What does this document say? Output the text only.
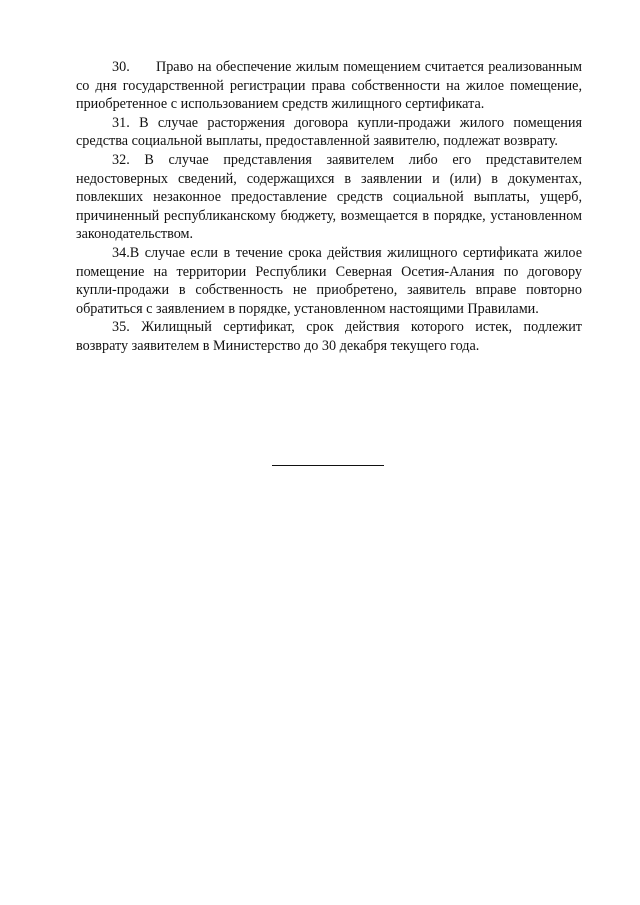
30. Право на обеспечение жилым помещением считается реализованным со дня государственной регистрации права собственности на жилое помещение, приобретенное с использованием средств жилищного сертификата.

31. В случае расторжения договора купли-продажи жилого помещения средства социальной выплаты, предоставленной заявителю, подлежат возврату.

32. В случае представления заявителем либо его представителем недостоверных сведений, содержащихся в заявлении и (или) в документах, повлекших незаконное предоставление средств социальной выплаты, ущерб, причиненный республиканскому бюджету, возмещается в порядке, установленном законодательством.

34.В случае если в течение срока действия жилищного сертификата жилое помещение на территории Республики Северная Осетия-Алания по договору купли-продажи в собственность не приобретено, заявитель вправе повторно обратиться с заявлением в порядке, установленном настоящими Правилами.

35. Жилищный сертификат, срок действия которого истек, подлежит возврату заявителем в Министерство до 30 декабря текущего года.
